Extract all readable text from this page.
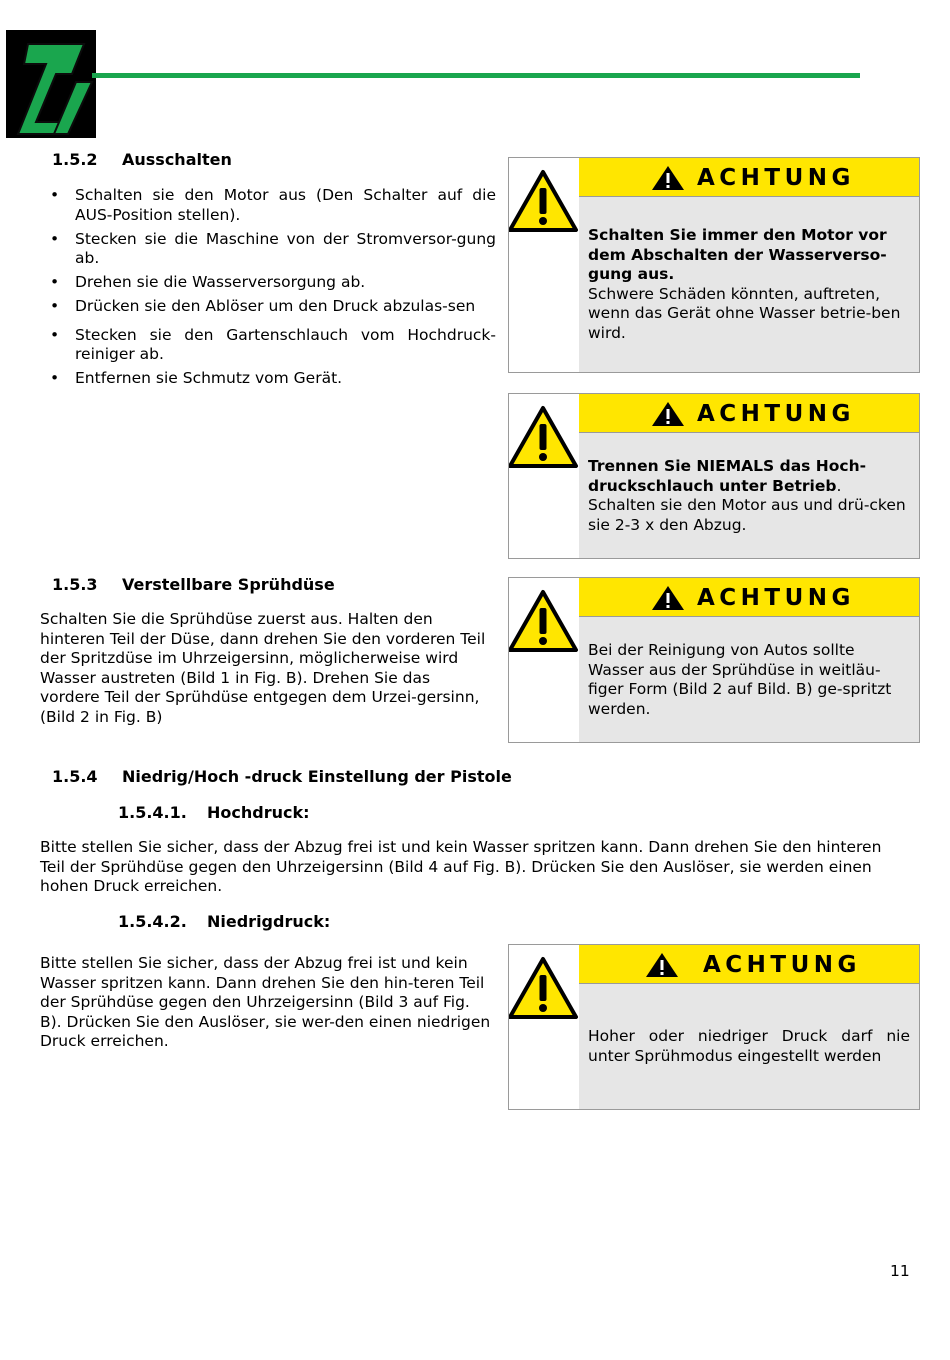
1.5.2 Ausschalten
• Schalten sie den Motor aus (Den Schalter auf die AUS-Position stellen).
• Stecken sie die Maschine von der Stromversor-gung ab.
• Drehen sie die Wasserversorgung ab.
• Drücken sie den Ablöser um den Druck abzulas-sen
• Stecken sie den Gartenschlauch vom Hochdruck-reiniger ab.
• Entfernen sie Schmutz vom Gerät.
ACHTUNG

Schalten Sie immer den Motor vor dem Abschalten der Wasserverso-gung aus.

Schwere Schäden könnten, auftreten, wenn das Gerät ohne Wasser betrie-ben wird.

ACHTUNG

Trennen Sie NIEMALS das Hoch-druckschlauch unter Betrieb.

Schalten sie den Motor aus und drü-cken sie 2-3 x den Abzug.

1.5.3 Verstellbare Sprühdüse

Schalten Sie die Sprühdüse zuerst aus. Halten den hinteren Teil der Düse, dann drehen Sie den vorderen Teil der Spritzdüse im Uhrzeigersinn, möglicherweise wird Wasser austreten (Bild 1 in Fig. B). Drehen Sie das vordere Teil der Sprühdüse entgegen dem Urzei-gersinn, (Bild 2 in Fig. B)

ACHTUNG

Bei der Reinigung von Autos sollte Wasser aus der Sprühdüse in weitläu-figer Form (Bild 2 auf Bild. B) ge-spritzt werden.

1.5.4 Niedrig/Hoch -druck Einstellung der Pistole
1.5.4.1. Hochdruck:

Bitte stellen Sie sicher, dass der Abzug frei ist und kein Wasser spritzen kann. Dann drehen Sie den hinteren Teil der Sprühdüse gegen den Uhrzeigersinn (Bild 4 auf Fig. B). Drücken Sie den Auslöser, sie werden einen hohen Druck erreichen.

1.5.4.2. Niedrigdruck:

Bitte stellen Sie sicher, dass der Abzug frei ist und kein Wasser spritzen kann. Dann drehen Sie den hin-teren Teil der Sprühdüse gegen den Uhrzeigersinn (Bild 3 auf Fig. B). Drücken Sie den Auslöser, sie wer-den einen niedrigen Druck erreichen.

ACHTUNG

Hoher oder niedriger Druck darf nie unter Sprühmodus eingestellt werden

11
